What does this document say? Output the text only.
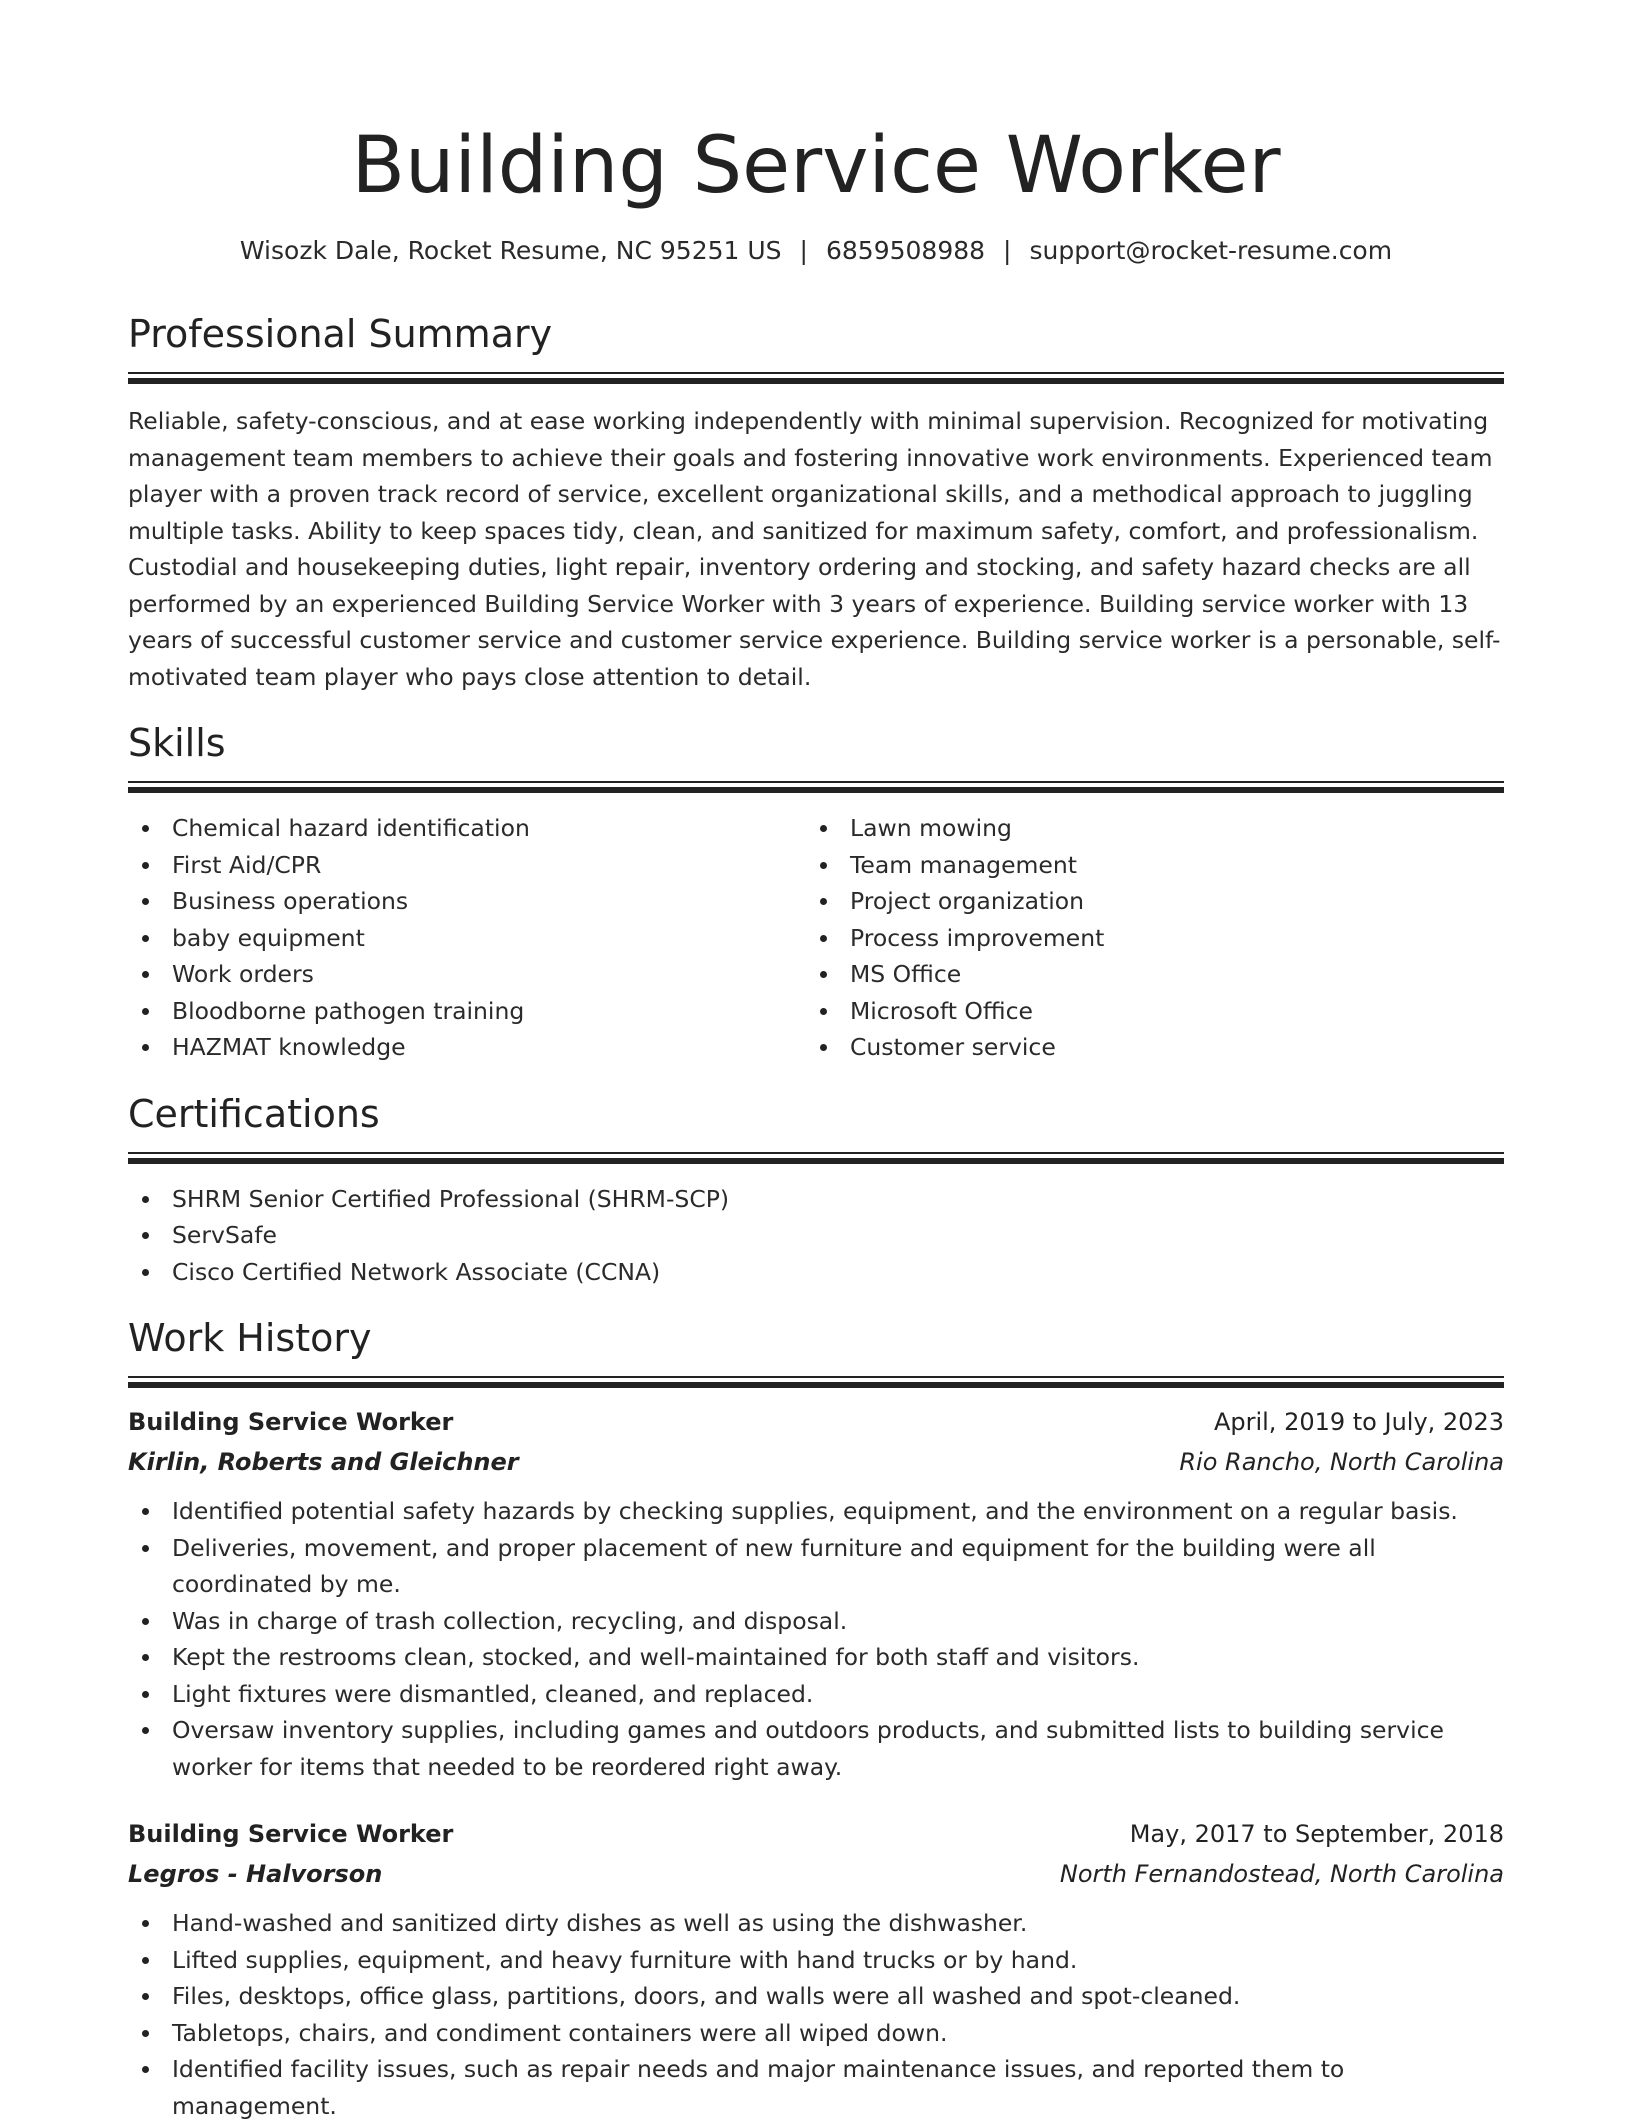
Building Service Worker
Wisozk Dale, Rocket Resume, NC 95251 US | 6859508988 | support@rocket-resume.com
Professional Summary

Reliable, safety-conscious, and at ease working independently with minimal supervision. Recognized for motivating management team members to achieve their goals and fostering innovative work environments. Experienced team player with a proven track record of service, excellent organizational skills, and a methodical approach to juggling multiple tasks. Ability to keep spaces tidy, clean, and sanitized for maximum safety, comfort, and professionalism. Custodial and housekeeping duties, light repair, inventory ordering and stocking, and safety hazard checks are all performed by an experienced Building Service Worker with 3 years of experience. Building service worker with 13 years of successful customer service and customer service experience. Building service worker is a personable, self-motivated team player who pays close attention to detail.

Skills
Chemical hazard identification
First Aid/CPR
Business operations
baby equipment
Work orders
Bloodborne pathogen training
HAZMAT knowledge
Lawn mowing
Team management
Project organization
Process improvement
MS Office
Microsoft Office
Customer service
Certifications
SHRM Senior Certified Professional (SHRM-SCP)
ServSafe
Cisco Certified Network Associate (CCNA)
Work History
Building Service Worker	April, 2019 to July, 2023
Kirlin, Roberts and Gleichner	Rio Rancho, North Carolina
Identified potential safety hazards by checking supplies, equipment, and the environment on a regular basis.
Deliveries, movement, and proper placement of new furniture and equipment for the building were all coordinated by me.
Was in charge of trash collection, recycling, and disposal.
Kept the restrooms clean, stocked, and well-maintained for both staff and visitors.
Light fixtures were dismantled, cleaned, and replaced.
Oversaw inventory supplies, including games and outdoors products, and submitted lists to building service worker for items that needed to be reordered right away.
Building Service Worker	May, 2017 to September, 2018
Legros - Halvorson	North Fernandostead, North Carolina
Hand-washed and sanitized dirty dishes as well as using the dishwasher.
Lifted supplies, equipment, and heavy furniture with hand trucks or by hand.
Files, desktops, office glass, partitions, doors, and walls were all washed and spot-cleaned.
Tabletops, chairs, and condiment containers were all wiped down.
Identified facility issues, such as repair needs and major maintenance issues, and reported them to management.
